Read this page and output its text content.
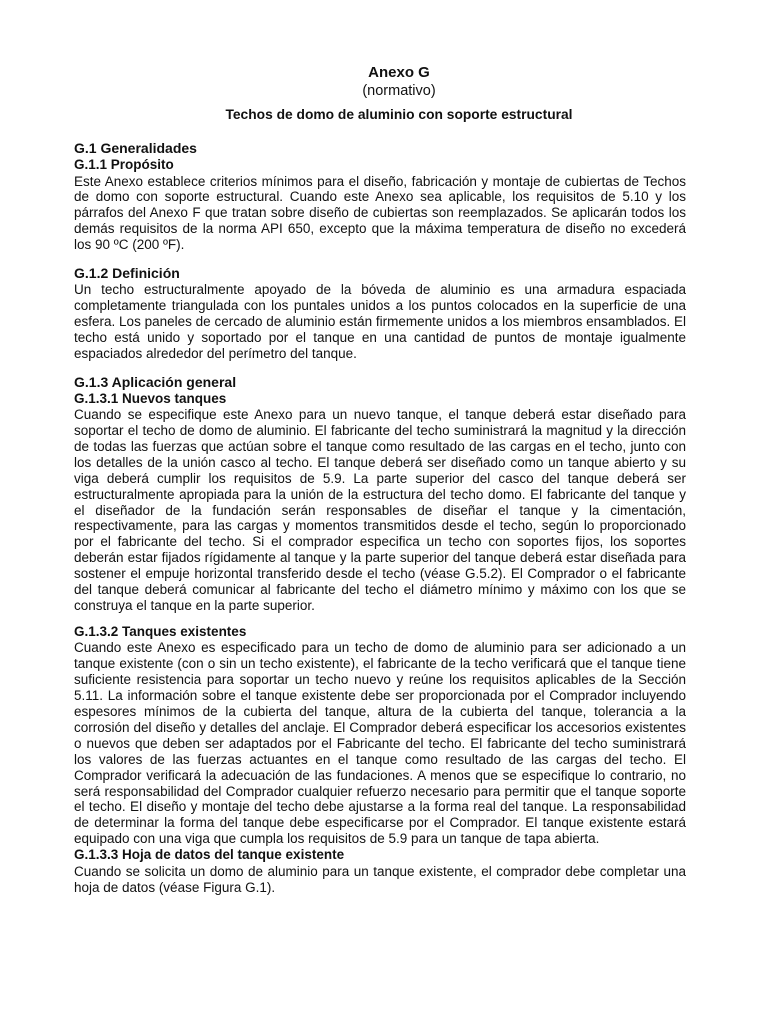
Anexo G
(normativo)
Techos de domo de aluminio con soporte estructural
G.1 Generalidades
G.1.1 Propósito

Este Anexo establece criterios mínimos para el diseño, fabricación y montaje de cubiertas de Techos de domo con soporte estructural. Cuando este Anexo sea aplicable, los requisitos de 5.10 y los párrafos del Anexo F que tratan sobre diseño de cubiertas son reemplazados. Se aplicarán todos los demás requisitos de la norma API 650, excepto que la máxima temperatura de diseño no excederá los 90 ºC (200 ºF).

G.1.2 Definición

Un techo estructuralmente apoyado de la bóveda de aluminio es una armadura espaciada completamente triangulada con los puntales unidos a los puntos colocados en la superficie de una esfera. Los paneles de cercado de aluminio están firmemente unidos a los miembros ensamblados. El techo está unido y soportado por el tanque en una cantidad de puntos de montaje igualmente espaciados alrededor del perímetro del tanque.

G.1.3 Aplicación general
G.1.3.1 Nuevos tanques

Cuando se especifique este Anexo para un nuevo tanque, el tanque deberá estar diseñado para soportar el techo de domo de aluminio. El fabricante del techo suministrará la magnitud y la dirección de todas las fuerzas que actúan sobre el tanque como resultado de las cargas en el techo, junto con los detalles de la unión casco al techo. El tanque deberá ser diseñado como un tanque abierto y su viga deberá cumplir los requisitos de 5.9. La parte superior del casco del tanque deberá ser estructuralmente apropiada para la unión de la estructura del techo domo. El fabricante del tanque y el diseñador de la fundación serán responsables de diseñar el tanque y la cimentación, respectivamente, para las cargas y momentos transmitidos desde el techo, según lo proporcionado por el fabricante del techo. Si el comprador especifica un techo con soportes fijos, los soportes deberán estar fijados rígidamente al tanque y la parte superior del tanque deberá estar diseñada para sostener el empuje horizontal transferido desde el techo (véase G.5.2). El Comprador o el fabricante del tanque deberá comunicar al fabricante del techo el diámetro mínimo y máximo con los que se construya el tanque en la parte superior.

G.1.3.2 Tanques existentes

Cuando este Anexo es especificado para un techo de domo de aluminio para ser adicionado a un tanque existente (con o sin un techo existente), el fabricante de la techo verificará que el tanque tiene suficiente resistencia para soportar un techo nuevo y reúne los requisitos aplicables de la Sección 5.11. La información sobre el tanque existente debe ser proporcionada por el Comprador incluyendo espesores mínimos de la cubierta del tanque, altura de la cubierta del tanque, tolerancia a la corrosión del diseño y detalles del anclaje. El Comprador deberá especificar los accesorios existentes o nuevos que deben ser adaptados por el Fabricante del techo. El fabricante del techo suministrará los valores de las fuerzas actuantes en el tanque como resultado de las cargas del techo. El Comprador verificará la adecuación de las fundaciones. A menos que se especifique lo contrario, no será responsabilidad del Comprador cualquier refuerzo necesario para permitir que el tanque soporte el techo. El diseño y montaje del techo debe ajustarse a la forma real del tanque. La responsabilidad de determinar la forma del tanque debe especificarse por el Comprador. El tanque existente estará equipado con una viga que cumpla los requisitos de 5.9 para un tanque de tapa abierta.

G.1.3.3 Hoja de datos del tanque existente

Cuando se solicita un domo de aluminio para un tanque existente, el comprador debe completar una hoja de datos (véase Figura G.1).
